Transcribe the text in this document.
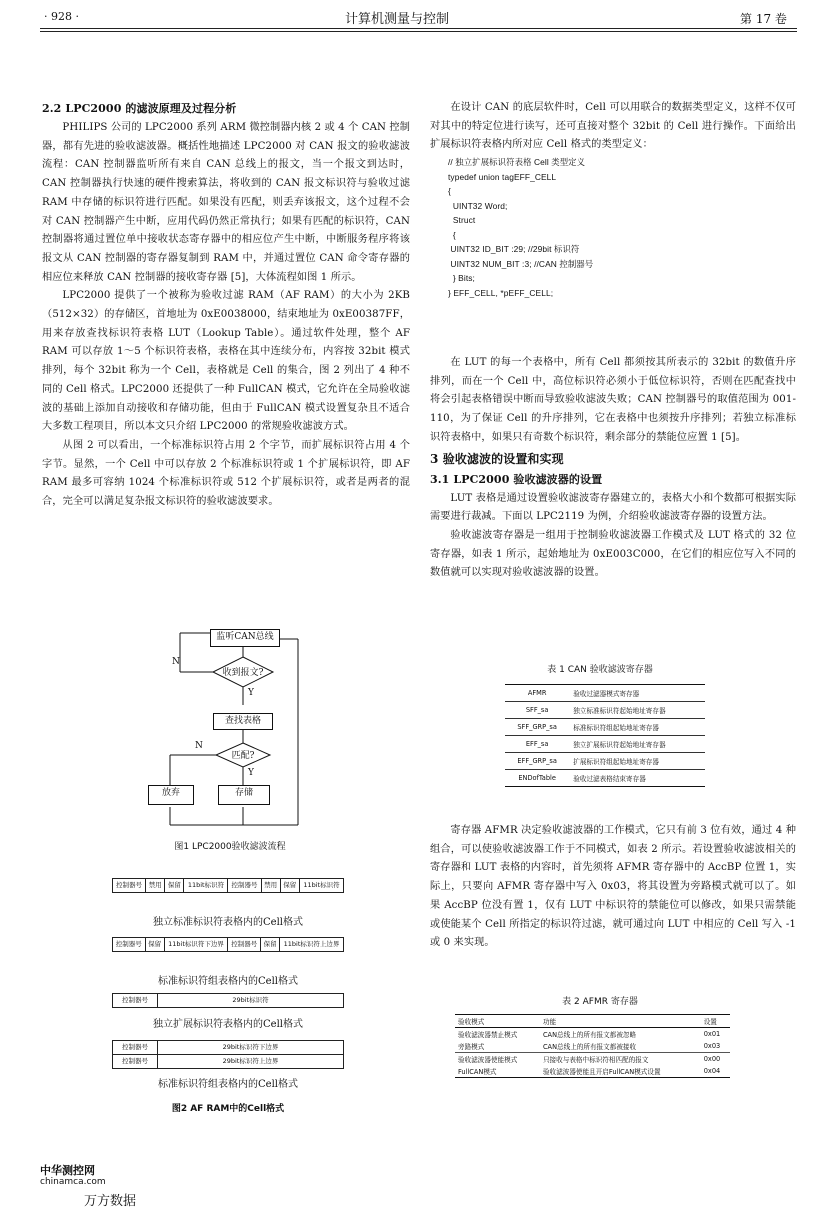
· 928 ·	计算机测量与控制	第 17 卷

2.2 LPC2000 的滤波原理及过程分析

PHILIPS 公司的 LPC2000 系列 ARM 微控制器内核 2 或 4 个 CAN 控制器，都有先进的验收滤波器。概括性地描述 LPC2000 对 CAN 报文的验收滤波流程：CAN 控制器监听所有来自 CAN 总线上的报文，当一个报文到达时，CAN 控制器执行快速的硬件搜索算法，将收到的 CAN 报文标识符与验收过滤 RAM 中存储的标识符进行匹配。如果没有匹配，则丢弃该报文，这个过程不会对 CAN 控制器产生中断，应用代码仍然正常执行；如果有匹配的标识符，CAN 控制器将通过置位单中接收状态寄存器中的相应位产生中断，中断服务程序将该报文从 CAN 控制器的寄存器复制到 RAM 中，并通过置位 CAN 命令寄存器的相应位来释放 CAN 控制器的接收寄存器 [5]，大体流程如图 1 所示。

LPC2000 提供了一个被称为验收过滤 RAM（AF RAM）的大小为 2KB（512×32）的存储区，首地址为 0xE0038000，结束地址为 0xE00387FF，用来存放查找标识符表格 LUT（Lookup Table）。通过软件处理，整个 AF RAM 可以存放 1～5 个标识符表格，表格在其中连续分布，内容按 32bit 模式排列，每个 32bit 称为一个 Cell，表格就是 Cell 的集合，图 2 列出了 4 种不同的 Cell 格式。LPC2000 还提供了一种 FullCAN 模式，它允许在全局验收滤波的基础上添加自动接收和存储功能，但由于 FullCAN 模式设置复杂且不适合大多数工程项目，所以本文只介绍 LPC2000 的常规验收滤波方式。

从图 2 可以看出，一个标准标识符占用 2 个字节，而扩展标识符占用 4 个字节。显然，一个 Cell 中可以存放 2 个标准标识符或 1 个扩展标识符，即 AF RAM 最多可容纳 1024 个标准标识符或 512 个扩展标识符，或者是两者的混合，完全可以满足复杂报文标识符的验收滤波要求。

监听CAN总线
收到报文?
查找表格
匹配?
放弃	存储
N
Y
N
Y
图1 LPC2000验收滤波流程
控制器号	禁用	保留	11bit标识符	控制器号	禁用	保留	11bit标识符
独立标准标识符表格内的Cell格式
控制器号	保留	11bit标识符下边界	控制器号	保留	11bit标识符上边界
标准标识符组表格内的Cell格式
控制器号	29bit标识符
独立扩展标识符表格内的Cell格式
控制器号	29bit标识符下边界
控制器号	29bit标识符上边界
标准标识符组表格内的Cell格式
图2 AF RAM中的Cell格式

在设计 CAN 的底层软件时，Cell 可以用联合的数据类型定义，这样不仅可对其中的特定位进行读写，还可直接对整个 32bit 的 Cell 进行操作。下面给出扩展标识符表格内所对应 Cell 格式的类型定义：

// 独立扩展标识符表格 Cell 类型定义
typedef union tagEFF_CELL
{
UINT32 Word;
Struct
{
UINT32 ID_BIT :29; //29bit 标识符
UINT32 NUM_BIT :3; //CAN 控制器号
} Bits;
} EFF_CELL, *pEFF_CELL;

在 LUT 的每一个表格中，所有 Cell 都须按其所表示的 32bit 的数值升序排列，而在一个 Cell 中，高位标识符必须小于低位标识符，否则在匹配查找中将会引起表格错误中断而导致验收滤波失败；CAN 控制器号的取值范围为 001-110，为了保证 Cell 的升序排列，它在表格中也须按升序排列；若独立标准标识符表格中，如果只有奇数个标识符，剩余部分的禁能位应置 1 [5]。

3 验收滤波的设置和实现

3.1 LPC2000 验收滤波器的设置

LUT 表格是通过设置验收滤波寄存器建立的，表格大小和个数都可根据实际需要进行裁减。下面以 LPC2119 为例，介绍验收滤波寄存器的设置方法。

验收滤波寄存器是一组用于控制验收滤波器工作模式及 LUT 格式的 32 位寄存器，如表 1 所示，起始地址为 0xE003C000，在它们的相应位写入不同的数值就可以实现对验收滤波器的设置。

表 1 CAN 验收滤波寄存器
AFMR	验收过滤器模式寄存器
SFF_sa	独立标准标识符起始地址寄存器
SFF_GRP_sa	标准标识符组起始地址寄存器
EFF_sa	独立扩展标识符起始地址寄存器
EFF_GRP_sa	扩展标识符组起始地址寄存器
ENDofTable	验收过滤表格结束寄存器

寄存器 AFMR 决定验收滤波器的工作模式，它只有前 3 位有效，通过 4 种组合，可以使验收滤波器工作于不同模式，如表 2 所示。若设置验收滤波相关的寄存器和 LUT 表格的内容时，首先须将 AFMR 寄存器中的 AccBP 位置 1，实际上，只要向 AFMR 寄存器中写入 0x03，将其设置为旁路模式就可以了。如果 AccBP 位没有置 1，仅有 LUT 中标识符的禁能位可以修改，如果只需禁能或使能某个 Cell 所指定的标识符过滤，就可通过向 LUT 中相应的 Cell 写入 -1 或 0 来实现。

表 2 AFMR 寄存器
验收模式	功能	设置
验收滤波器禁止模式	CAN总线上的所有报文都被忽略	0x01
旁路模式	CAN总线上的所有报文都被接收	0x03
验收滤波器使能模式	只接收与表格中标识符相匹配的报文	0x00
FullCAN模式	验收滤波器使能且开启FullCAN模式设置	0x04
中华测控网
chinamca.com
万方数据
